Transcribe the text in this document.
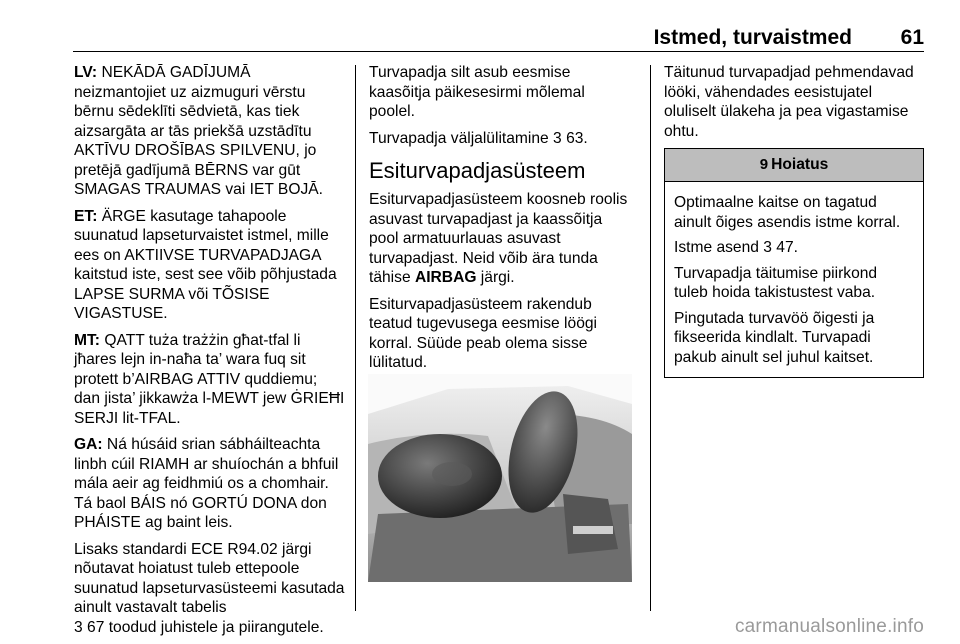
Istmed, turvaistmed 61

LV: NEKĀDĀ GADĪJUMĀ neizmantojiet uz aizmuguri vērstu bērnu sēdeklīti sēdvietā, kas tiek aizsargāta ar tās priekšā uzstādītu AKTĪVU DROŠĪBAS SPILVENU, jo pretējā gadījumā BĒRNS var gūt SMAGAS TRAUMAS vai IET BOJĀ.

ET: ÄRGE kasutage tahapoole suunatud lapseturvaistet istmel, mille ees on AKTIIVSE TURVAPADJAGA kaitstud iste, sest see võib põhjustada LAPSE SURMA või TÕSISE VIGASTUSE.

MT: QATT tuża trażżin għat-tfal li jħares lejn in-naħa ta’ wara fuq sit protett b’AIRBAG ATTIV quddiemu; dan jista’ jikkawża l-MEWT jew ĠRIEĦI SERJI lit-TFAL.

GA: Ná húsáid srian sábháilteachta linbh cúil RIAMH ar shuíochán a bhfuil mála aeir ag feidhmiú os a chomhair. Tá baol BÁIS nó GORTÚ DONA don PHÁISTE ag baint leis.

Lisaks standardi ECE R94.02 järgi nõutavat hoiatust tuleb ettepoole suunatud lapseturvasüsteemi kasutada ainult vastavalt tabelis
3 67 toodud juhistele ja piirangutele.

Turvapadja silt asub eesmise kaasõitja päikesesirmi mõlemal poolel.

Turvapadja väljalülitamine 3 63.

Esiturvapadjasüsteem

Esiturvapadjasüsteem koosneb roolis asuvast turvapadjast ja kaassõitja pool armatuurlauas asuvast turvapadjast. Neid võib ära tunda tähise AIRBAG järgi.

Esiturvapadjasüsteem rakendub teatud tugevusega eesmise löögi korral. Süüde peab olema sisse lülitatud.

Täitunud turvapadjad pehmendavad lööki, vähendades eesistujatel oluliselt ülakeha ja pea vigastamise ohtu.

9 Hoiatus

Optimaalne kaitse on tagatud ainult õiges asendis istme korral.

Istme asend 3 47.

Turvapadja täitumise piirkond tuleb hoida takistustest vaba.

Pingutada turvavöö õigesti ja fikseerida kindlalt. Turvapadi pakub ainult sel juhul kaitset.

carmanualsonline.info
